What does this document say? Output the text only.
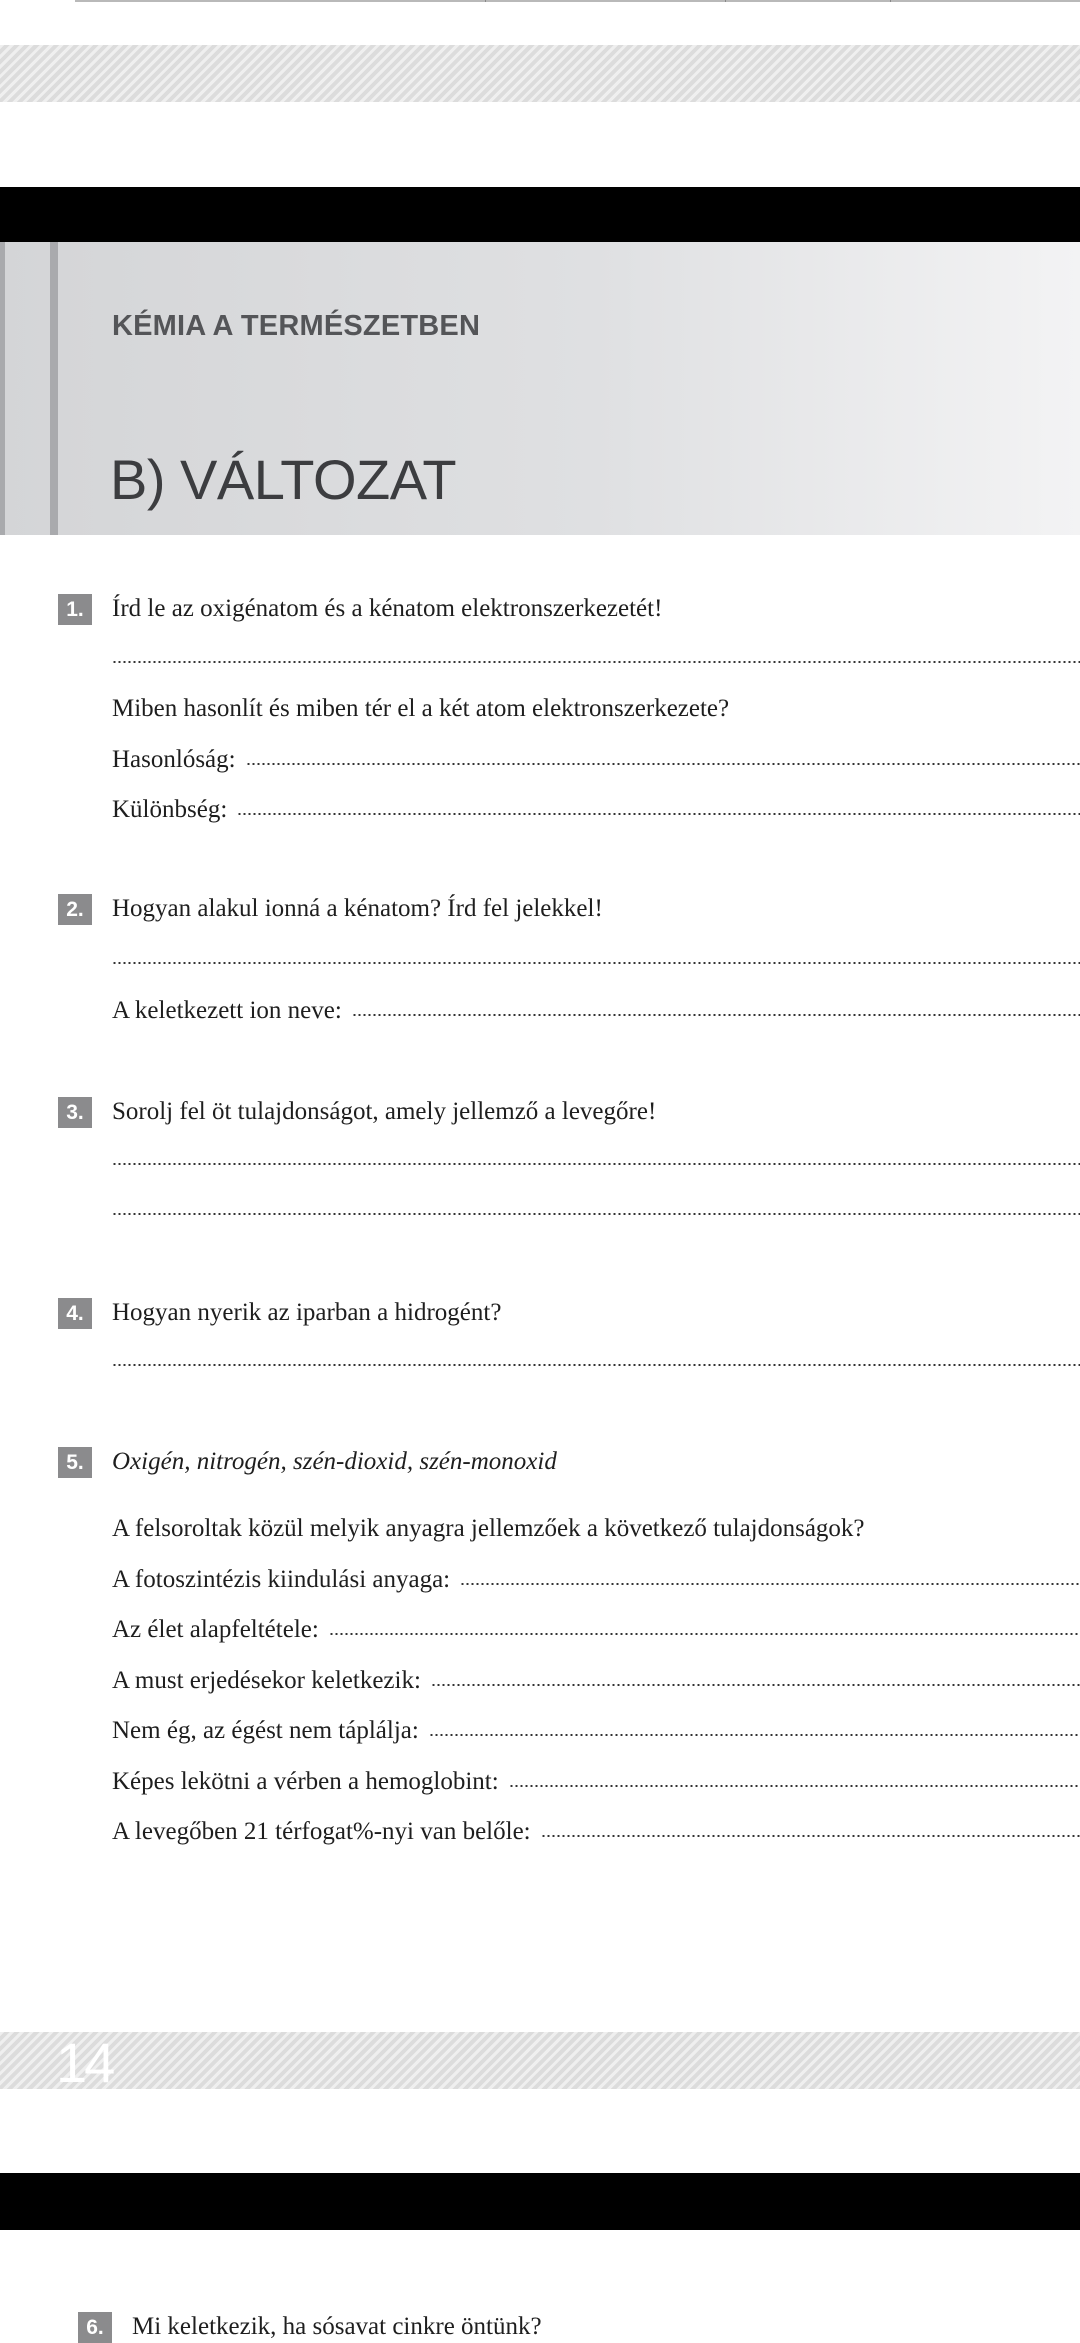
KÉMIA A TERMÉSZETBEN
B) VÁLTOZAT
1.	Írd le az oxigénatom és a kénatom elektronszerkezetét!
Miben hasonlít és miben tér el a két atom elektronszerkezete?
Hasonlóság:
Különbség:
2.	Hogyan alakul ionná a kénatom? Írd fel jelekkel!
A keletkezett ion neve:
3.	Sorolj fel öt tulajdonságot, amely jellemző a levegőre!
4.	Hogyan nyerik az iparban a hidrogént?
5.	Oxigén, nitrogén, szén-dioxid, szén-monoxid
A felsoroltak közül melyik anyagra jellemzőek a következő tulajdonságok?
A fotoszintézis kiindulási anyaga:
Az élet alapfeltétele:
A must erjedésekor keletkezik:
Nem ég, az égést nem táplálja:
Képes lekötni a vérben a hemoglobint:
A levegőben 21 térfogat%-nyi van belőle:
14
6.	Mi keletkezik, ha sósavat cinkre öntünk?
